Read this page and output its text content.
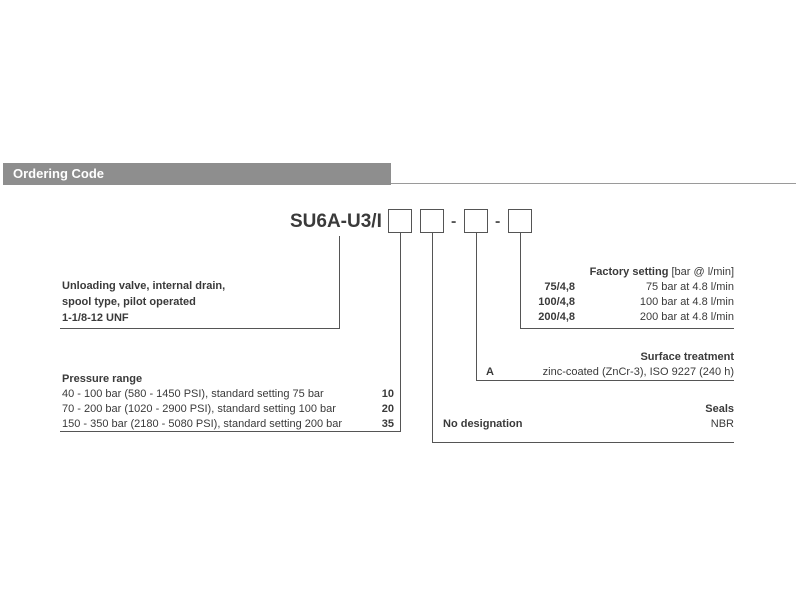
Ordering Code
SU6A-U3/I	- -
Unloading valve, internal drain,
spool type, pilot operated
1-1/8-12 UNF
Pressure range
40 - 100 bar (580 - 1450 PSI), standard setting 75 bar	10
70 - 200 bar (1020 - 2900 PSI), standard setting 100 bar	20
150 - 350 bar (2180 - 5080 PSI), standard setting 200 bar	35
Seals
No designation	NBR
Surface treatment
A	zinc-coated (ZnCr-3), ISO 9227 (240 h)
Factory setting [bar @ l/min]
75/4,8	75 bar at 4.8 l/min
100/4,8	100 bar at 4.8 l/min
200/4,8	200 bar at 4.8 l/min
